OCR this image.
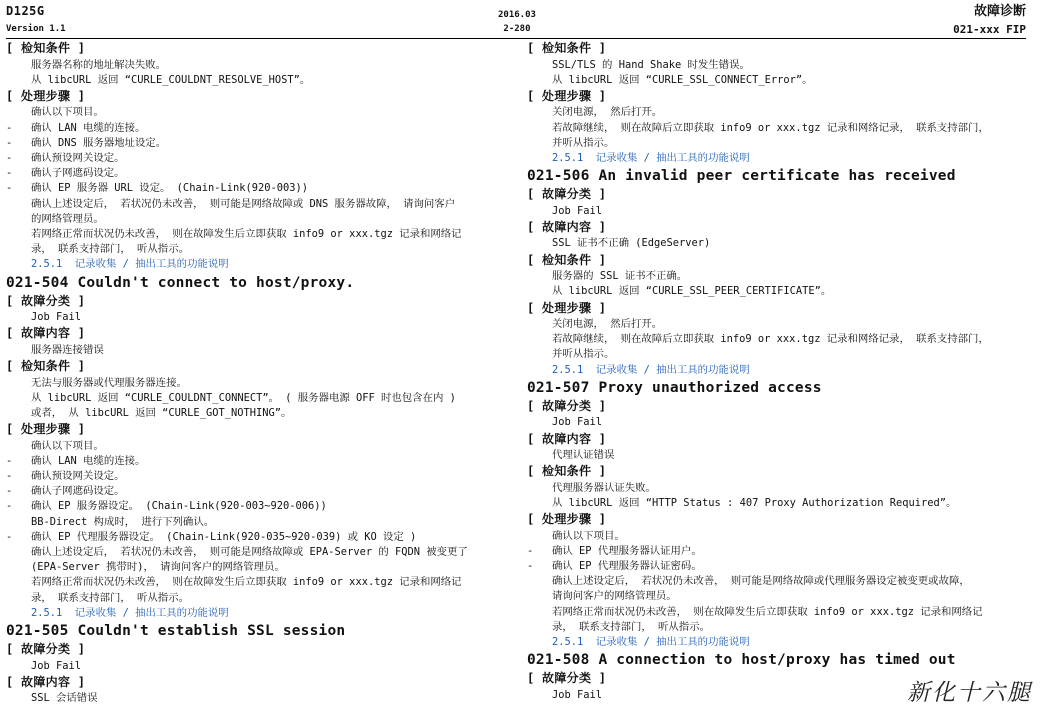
D125G
Version 1.1
2016.03
2-280
故障诊断
021-xxx FIP
[ 检知条件 ]
服务器名称的地址解决失败。
从 libcURL 返回 “CURLE_COULDNT_RESOLVE_HOST”。
[ 处理步骤 ]
确认以下项目。
- 确认 LAN 电缆的连接。
- 确认 DNS 服务器地址设定。
- 确认预设网关设定。
- 确认子网遮码设定。
- 确认 EP 服务器 URL 设定。 (Chain-Link(920-003))
确认上述设定后， 若状况仍未改善， 则可能是网络故障或 DNS 服务器故障， 请询问客户
的网络管理员。
若网络正常而状况仍未改善， 则在故障发生后立即获取 info9 or xxx.tgz 记录和网络记
录， 联系支持部门， 听从指示。
2.5.1  记录收集 / 抽出工具的功能说明
021-504 Couldn't connect to host/proxy.
[ 故障分类 ]
Job Fail
[ 故障内容 ]
服务器连接错误
[ 检知条件 ]
无法与服务器或代理服务器连接。
从 libcURL 返回 “CURLE_COULDNT_CONNECT”。 ( 服务器电源 OFF 时也包含在内 )
或者， 从 libcURL 返回 “CURLE_GOT_NOTHING”。
[ 处理步骤 ]
确认以下项目。
- 确认 LAN 电缆的连接。
- 确认预设网关设定。
- 确认子网遮码设定。
- 确认 EP 服务器设定。 (Chain-Link(920-003~920-006))
BB-Direct 构成时， 进行下列确认。
- 确认 EP 代理服务器设定。 (Chain-Link(920-035~920-039) 或 KO 设定 )
确认上述设定后， 若状况仍未改善， 则可能是网络故障或 EPA-Server 的 FQDN 被变更了
(EPA-Server 携带时)， 请询问客户的网络管理员。
若网络正常而状况仍未改善， 则在故障发生后立即获取 info9 or xxx.tgz 记录和网络记
录， 联系支持部门， 听从指示。
2.5.1  记录收集 / 抽出工具的功能说明
021-505 Couldn't establish SSL session
[ 故障分类 ]
Job Fail
[ 故障内容 ]
SSL 会话错误
[ 检知条件 ]
SSL/TLS 的 Hand Shake 时发生错误。
从 libcURL 返回 “CURLE_SSL_CONNECT_Error”。
[ 处理步骤 ]
关闭电源， 然后打开。
若故障继续， 则在故障后立即获取 info9 or xxx.tgz 记录和网络记录， 联系支持部门，
并听从指示。
2.5.1  记录收集 / 抽出工具的功能说明
021-506 An invalid peer certificate has received
[ 故障分类 ]
Job Fail
[ 故障内容 ]
SSL 证书不正确 (EdgeServer)
[ 检知条件 ]
服务器的 SSL 证书不正确。
从 libcURL 返回 “CURLE_SSL_PEER_CERTIFICATE”。
[ 处理步骤 ]
关闭电源， 然后打开。
若故障继续， 则在故障后立即获取 info9 or xxx.tgz 记录和网络记录， 联系支持部门，
并听从指示。
2.5.1  记录收集 / 抽出工具的功能说明
021-507 Proxy unauthorized access
[ 故障分类 ]
Job Fail
[ 故障内容 ]
代理认证错误
[ 检知条件 ]
代理服务器认证失败。
从 libcURL 返回 “HTTP Status : 407 Proxy Authorization Required”。
[ 处理步骤 ]
确认以下项目。
- 确认 EP 代理服务器认证用户。
- 确认 EP 代理服务器认证密码。
确认上述设定后， 若状况仍未改善， 则可能是网络故障或代理服务器设定被变更或故障，
请询问客户的网络管理员。
若网络正常而状况仍未改善， 则在故障发生后立即获取 info9 or xxx.tgz 记录和网络记
录， 联系支持部门， 听从指示。
2.5.1  记录收集 / 抽出工具的功能说明
021-508 A connection to host/proxy has timed out
[ 故障分类 ]
Job Fail	新化十六腿
